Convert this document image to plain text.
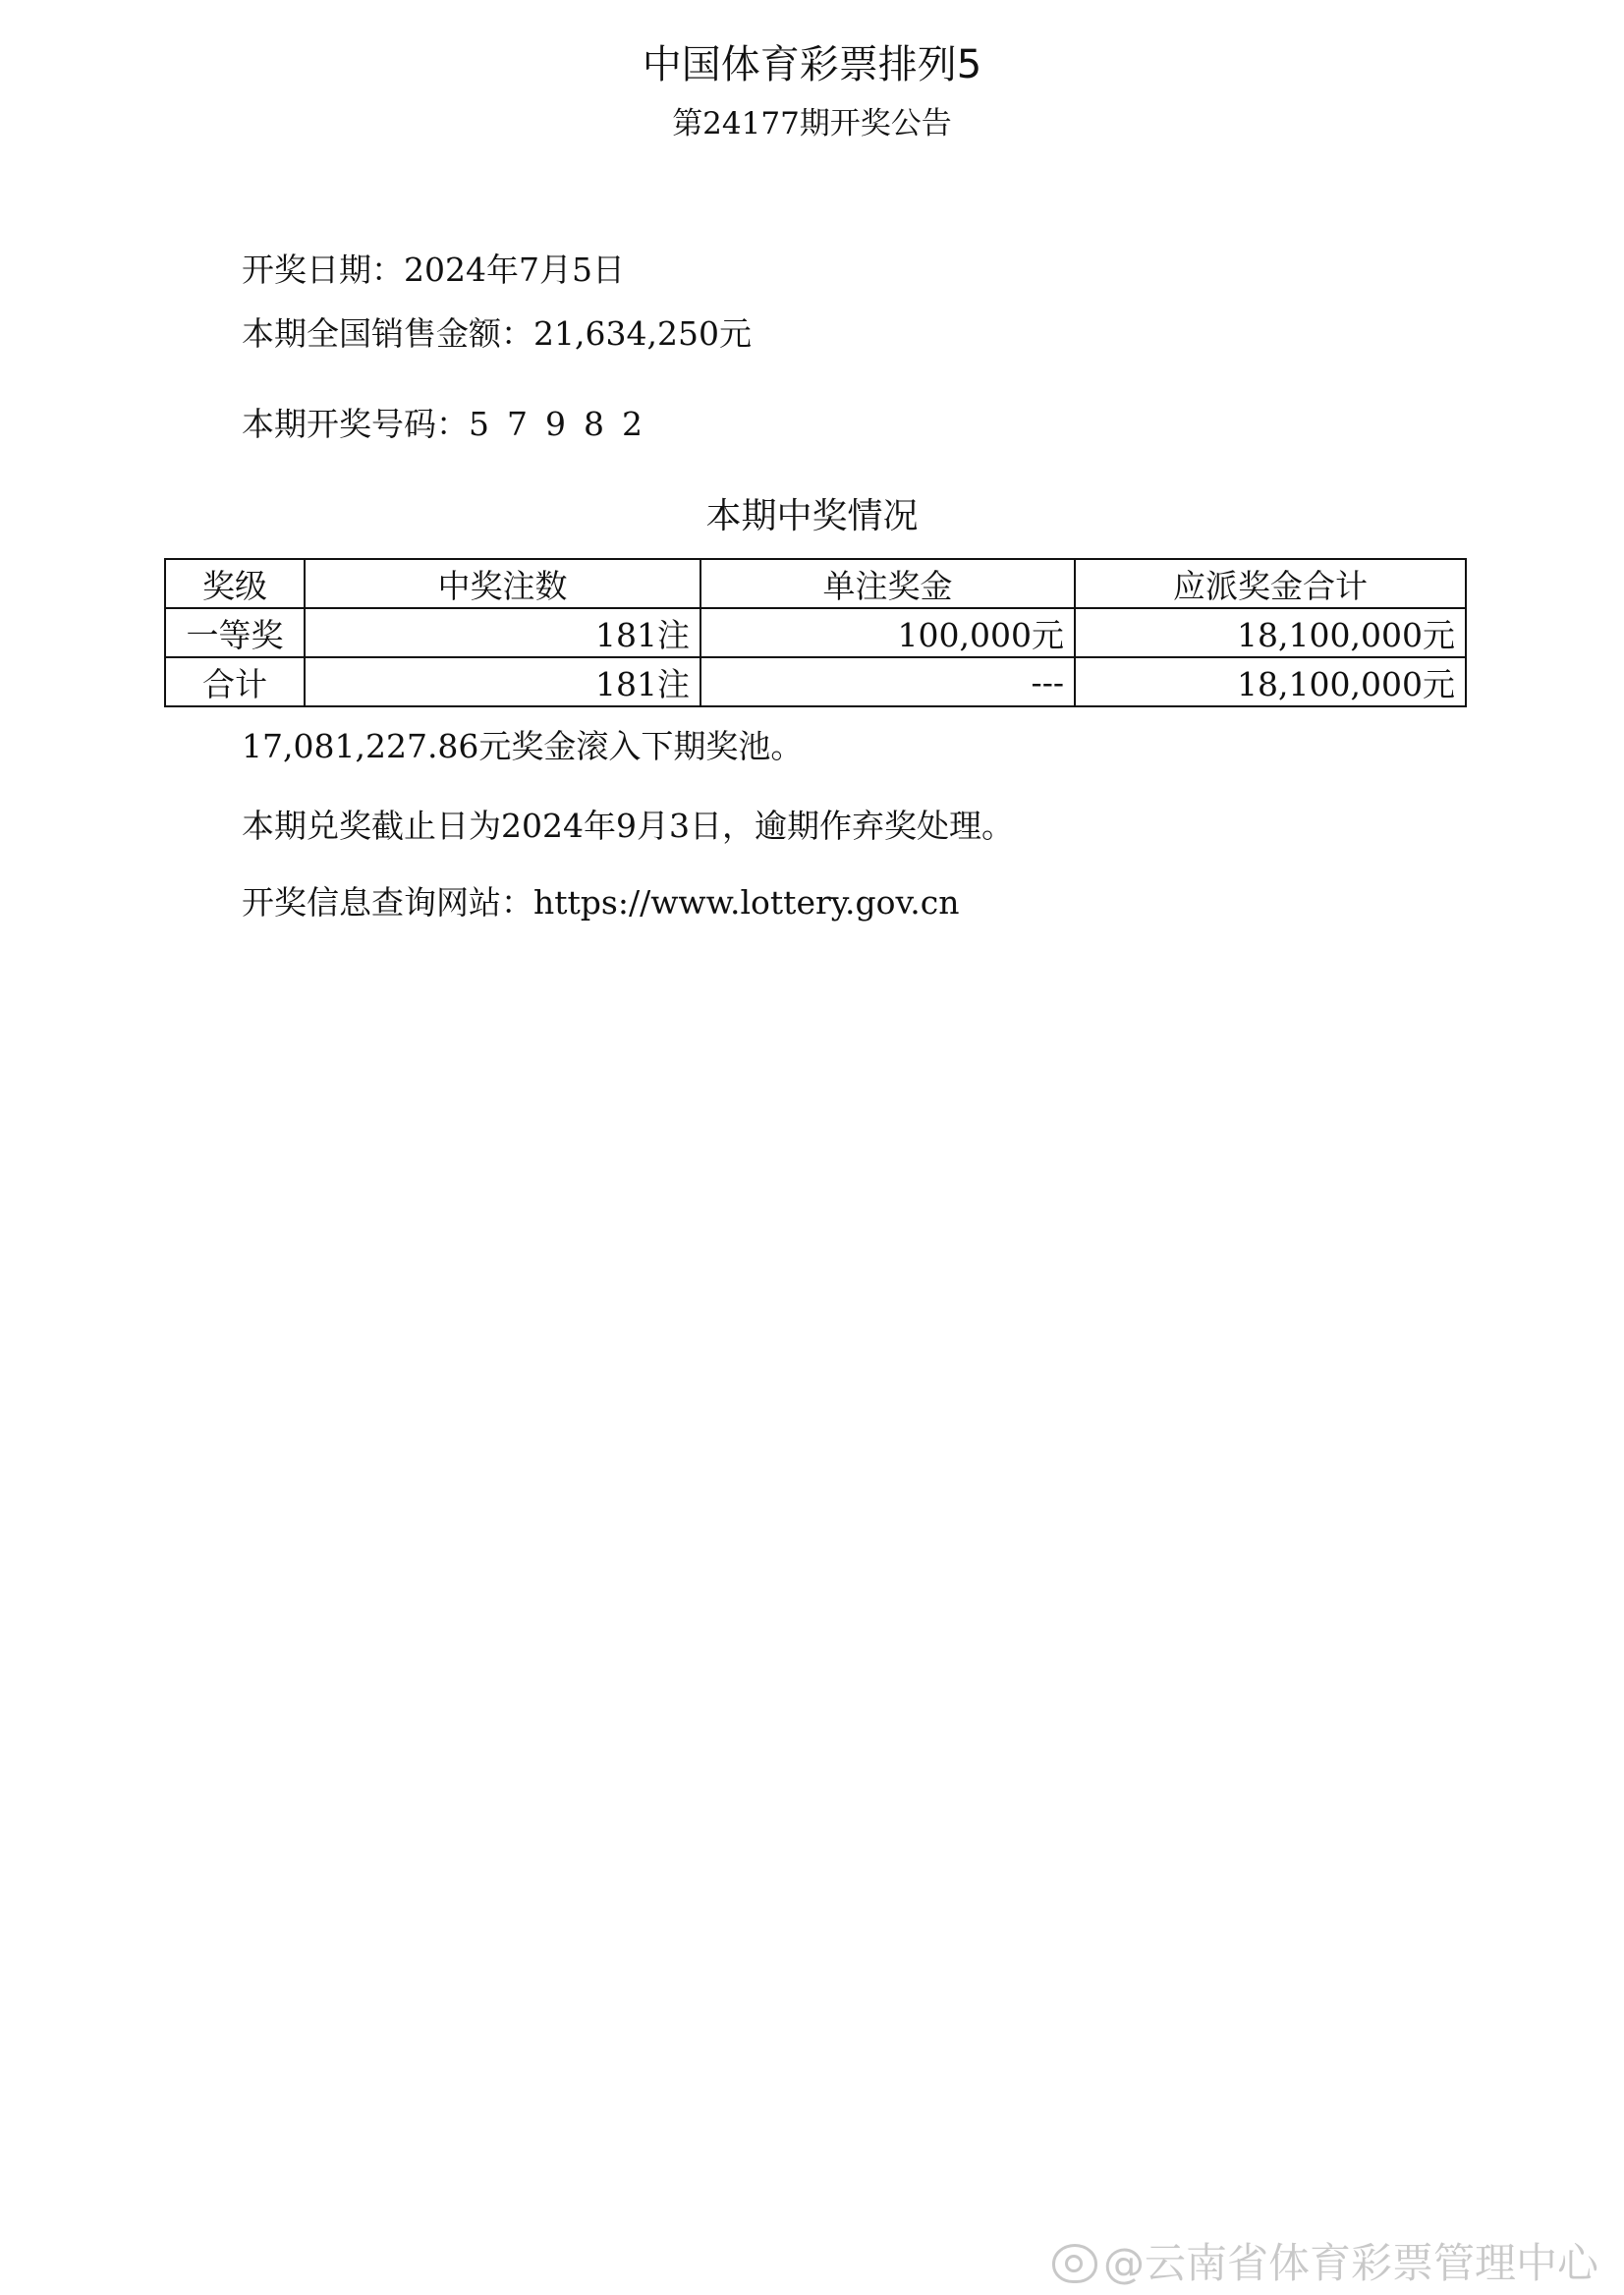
中国体育彩票排列5
第24177期开奖公告
开奖日期：2024年7月5日
本期全国销售金额：21,634,250元
本期开奖号码：5 7 9 8 2
本期中奖情况
奖级	中奖注数	单注奖金	应派奖金合计
一等奖	181注	100,000元	18,100,000元
合计	181注	---	18,100,000元
17,081,227.86元奖金滚入下期奖池。
本期兑奖截止日为2024年9月3日，逾期作弃奖处理。
开奖信息查询网站：https://www.lottery.gov.cn
@云南省体育彩票管理中心
